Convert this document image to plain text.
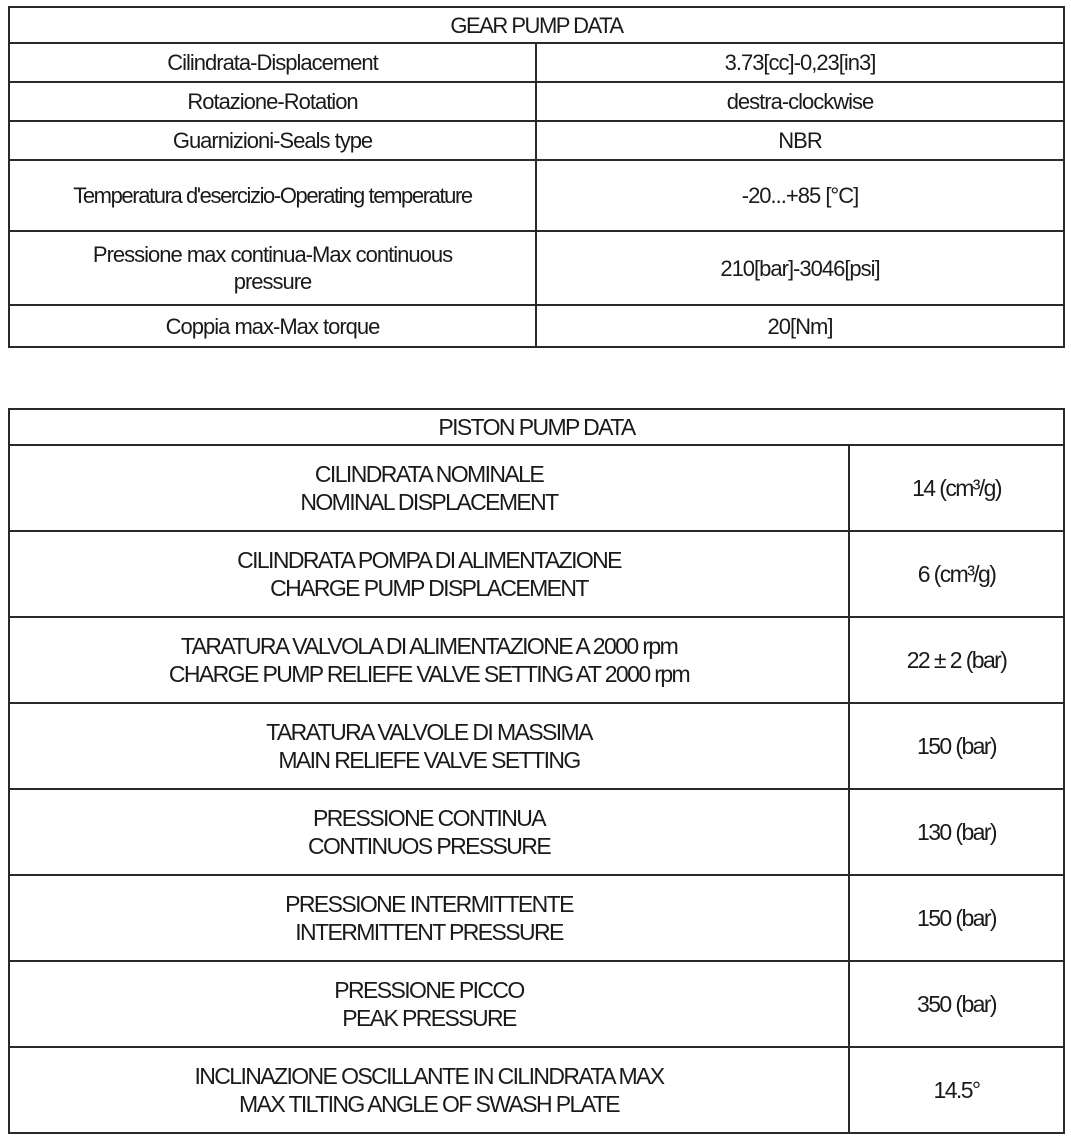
GEAR PUMP DATA	
Cilindrata-Displacement	3.73[cc]-0,23[in3]
Rotazione-Rotation	destra-clockwise
Guarnizioni-Seals type	NBR
Temperatura d'esercizio-Operating temperature	-20...+85 [°C]

Pressione max continua-Max continuous
pressure	210[bar]-3046[psi]
Coppia max-Max torque	20[Nm]
PISTON PUMP DATA	

CILINDRATA NOMINALE
NOMINAL DISPLACEMENT	14 (cm³/g)

CILINDRATA POMPA DI ALIMENTAZIONE
CHARGE PUMP DISPLACEMENT	6 (cm³/g)

TARATURA VALVOLA DI ALIMENTAZIONE A 2000 rpm
CHARGE PUMP RELIEFE VALVE SETTING AT 2000 rpm	22 ± 2 (bar)

TARATURA VALVOLE DI MASSIMA
MAIN RELIEFE VALVE SETTING	150 (bar)

PRESSIONE CONTINUA
CONTINUOS PRESSURE	130 (bar)

PRESSIONE INTERMITTENTE
INTERMITTENT PRESSURE	150 (bar)

PRESSIONE PICCO
PEAK PRESSURE	350 (bar)

INCLINAZIONE OSCILLANTE IN CILINDRATA MAX
MAX TILTING ANGLE OF SWASH PLATE	14.5°
